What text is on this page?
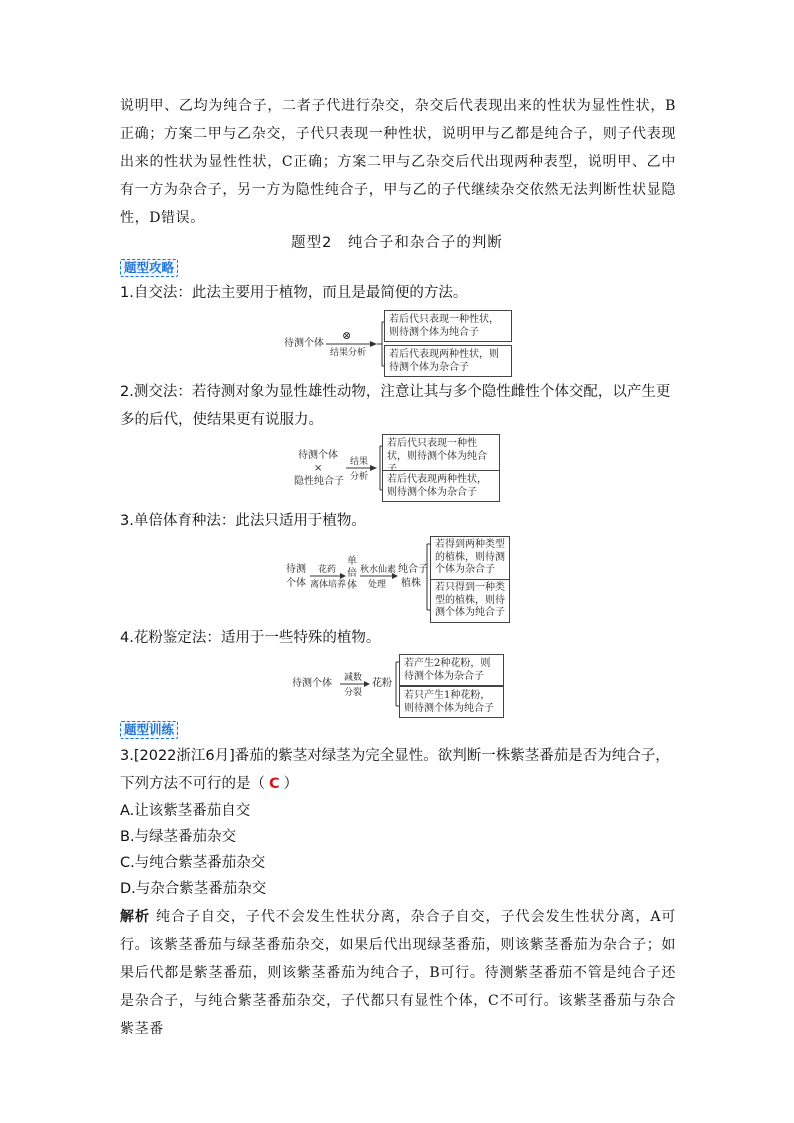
说明甲、乙均为纯合子，二者子代进行杂交，杂交后代表现出来的性状为显性性状，B正确；方案二甲与乙杂交，子代只表现一种性状，说明甲与乙都是纯合子，则子代表现出来的性状为显性性状，C正确；方案二甲与乙杂交后代出现两种表型，说明甲、乙中有一方为杂合子，另一方为隐性纯合子，甲与乙的子代继续杂交依然无法判断性状显隐性，D错误。

题型2　纯合子和杂合子的判断
题型攻略

1.自交法：此法主要用于植物，而且是最简便的方法。

待测个体
⊗
结果分析
若后代只表现一种性状，则待测个体为纯合子
若后代表现两种性状，则待测个体为杂合子

2.测交法：若待测对象为显性雄性动物，注意让其与多个隐性雌性个体交配，以产生更多的后代，使结果更有说服力。

待测个体
×
隐性纯合子
结果
分析
若后代只表现一种性状，则待测个体为纯合
若后代表现两种性状，则待测个体为杂合子

3.单倍体育种法：此法只适用于植物。

待测
个体
花药
离体培养
单倍体
秋水仙素
处理
纯合子
植株
若得到两种类型的植株，则待测个体为杂合子
若只得到一种类型的植株，则待测个体为纯合子

4.花粉鉴定法：适用于一些特殊的植物。

待测个体 减数
分裂
花粉
若产生2种花粉，则待测个体为杂合子
若只产生1种花粉，则待测个体为纯合子
题型训练

3.[2022浙江6月]番茄的紫茎对绿茎为完全显性。欲判断一株紫茎番茄是否为纯合子，下列方法不可行的是（ C ）

A.让该紫茎番茄自交

B.与绿茎番茄杂交

C.与纯合紫茎番茄杂交

D.与杂合紫茎番茄杂交

解析 纯合子自交，子代不会发生性状分离，杂合子自交，子代会发生性状分离，A可行。该紫茎番茄与绿茎番茄杂交，如果后代出现绿茎番茄，则该紫茎番茄为杂合子；如果后代都是紫茎番茄，则该紫茎番茄为纯合子，B可行。待测紫茎番茄不管是纯合子还是杂合子，与纯合紫茎番茄杂交，子代都只有显性个体，C不可行。该紫茎番茄与杂合紫茎番
